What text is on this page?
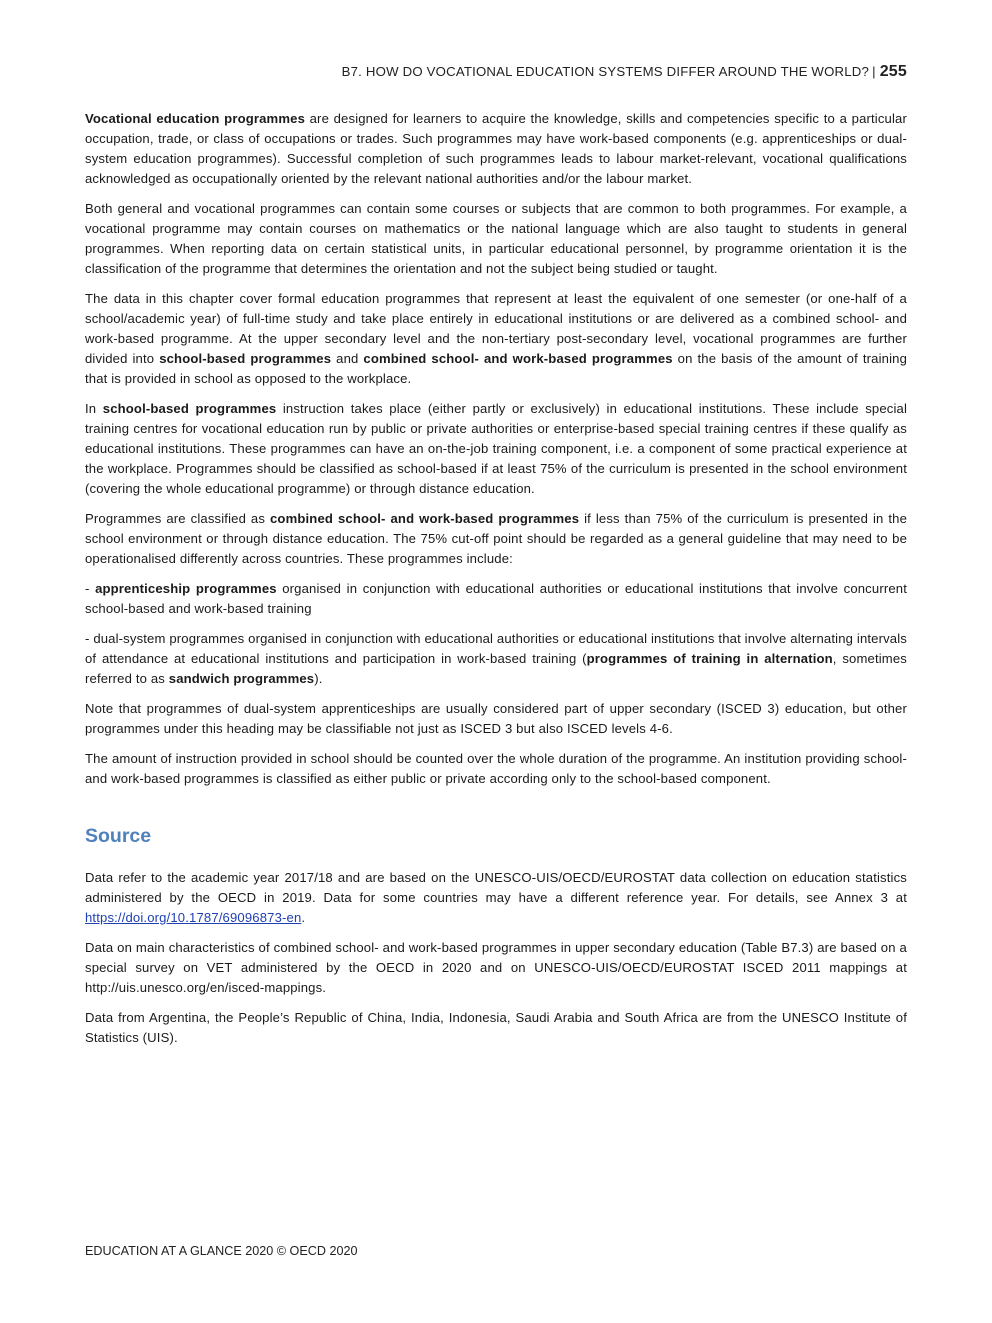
B7. HOW DO VOCATIONAL EDUCATION SYSTEMS DIFFER AROUND THE WORLD? | 255

Vocational education programmes are designed for learners to acquire the knowledge, skills and competencies specific to a particular occupation, trade, or class of occupations or trades. Such programmes may have work-based components (e.g. apprenticeships or dual-system education programmes). Successful completion of such programmes leads to labour market-relevant, vocational qualifications acknowledged as occupationally oriented by the relevant national authorities and/or the labour market.

Both general and vocational programmes can contain some courses or subjects that are common to both programmes. For example, a vocational programme may contain courses on mathematics or the national language which are also taught to students in general programmes. When reporting data on certain statistical units, in particular educational personnel, by programme orientation it is the classification of the programme that determines the orientation and not the subject being studied or taught.

The data in this chapter cover formal education programmes that represent at least the equivalent of one semester (or one-half of a school/academic year) of full-time study and take place entirely in educational institutions or are delivered as a combined school- and work-based programme. At the upper secondary level and the non-tertiary post-secondary level, vocational programmes are further divided into school-based programmes and combined school- and work-based programmes on the basis of the amount of training that is provided in school as opposed to the workplace.

In school-based programmes instruction takes place (either partly or exclusively) in educational institutions. These include special training centres for vocational education run by public or private authorities or enterprise-based special training centres if these qualify as educational institutions. These programmes can have an on-the-job training component, i.e. a component of some practical experience at the workplace. Programmes should be classified as school-based if at least 75% of the curriculum is presented in the school environment (covering the whole educational programme) or through distance education.

Programmes are classified as combined school- and work-based programmes if less than 75% of the curriculum is presented in the school environment or through distance education. The 75% cut-off point should be regarded as a general guideline that may need to be operationalised differently across countries. These programmes include:

- apprenticeship programmes organised in conjunction with educational authorities or educational institutions that involve concurrent school-based and work-based training

- dual-system programmes organised in conjunction with educational authorities or educational institutions that involve alternating intervals of attendance at educational institutions and participation in work-based training (programmes of training in alternation, sometimes referred to as sandwich programmes).

Note that programmes of dual-system apprenticeships are usually considered part of upper secondary (ISCED 3) education, but other programmes under this heading may be classifiable not just as ISCED 3 but also ISCED levels 4-6.

The amount of instruction provided in school should be counted over the whole duration of the programme. An institution providing school- and work-based programmes is classified as either public or private according only to the school-based component.

Source

Data refer to the academic year 2017/18 and are based on the UNESCO-UIS/OECD/EUROSTAT data collection on education statistics administered by the OECD in 2019. Data for some countries may have a different reference year. For details, see Annex 3 at https://doi.org/10.1787/69096873-en.

Data on main characteristics of combined school- and work-based programmes in upper secondary education (Table B7.3) are based on a special survey on VET administered by the OECD in 2020 and on UNESCO-UIS/OECD/EUROSTAT ISCED 2011 mappings at http://uis.unesco.org/en/isced-mappings.

Data from Argentina, the People’s Republic of China, India, Indonesia, Saudi Arabia and South Africa are from the UNESCO Institute of Statistics (UIS).

EDUCATION AT A GLANCE 2020 © OECD 2020
